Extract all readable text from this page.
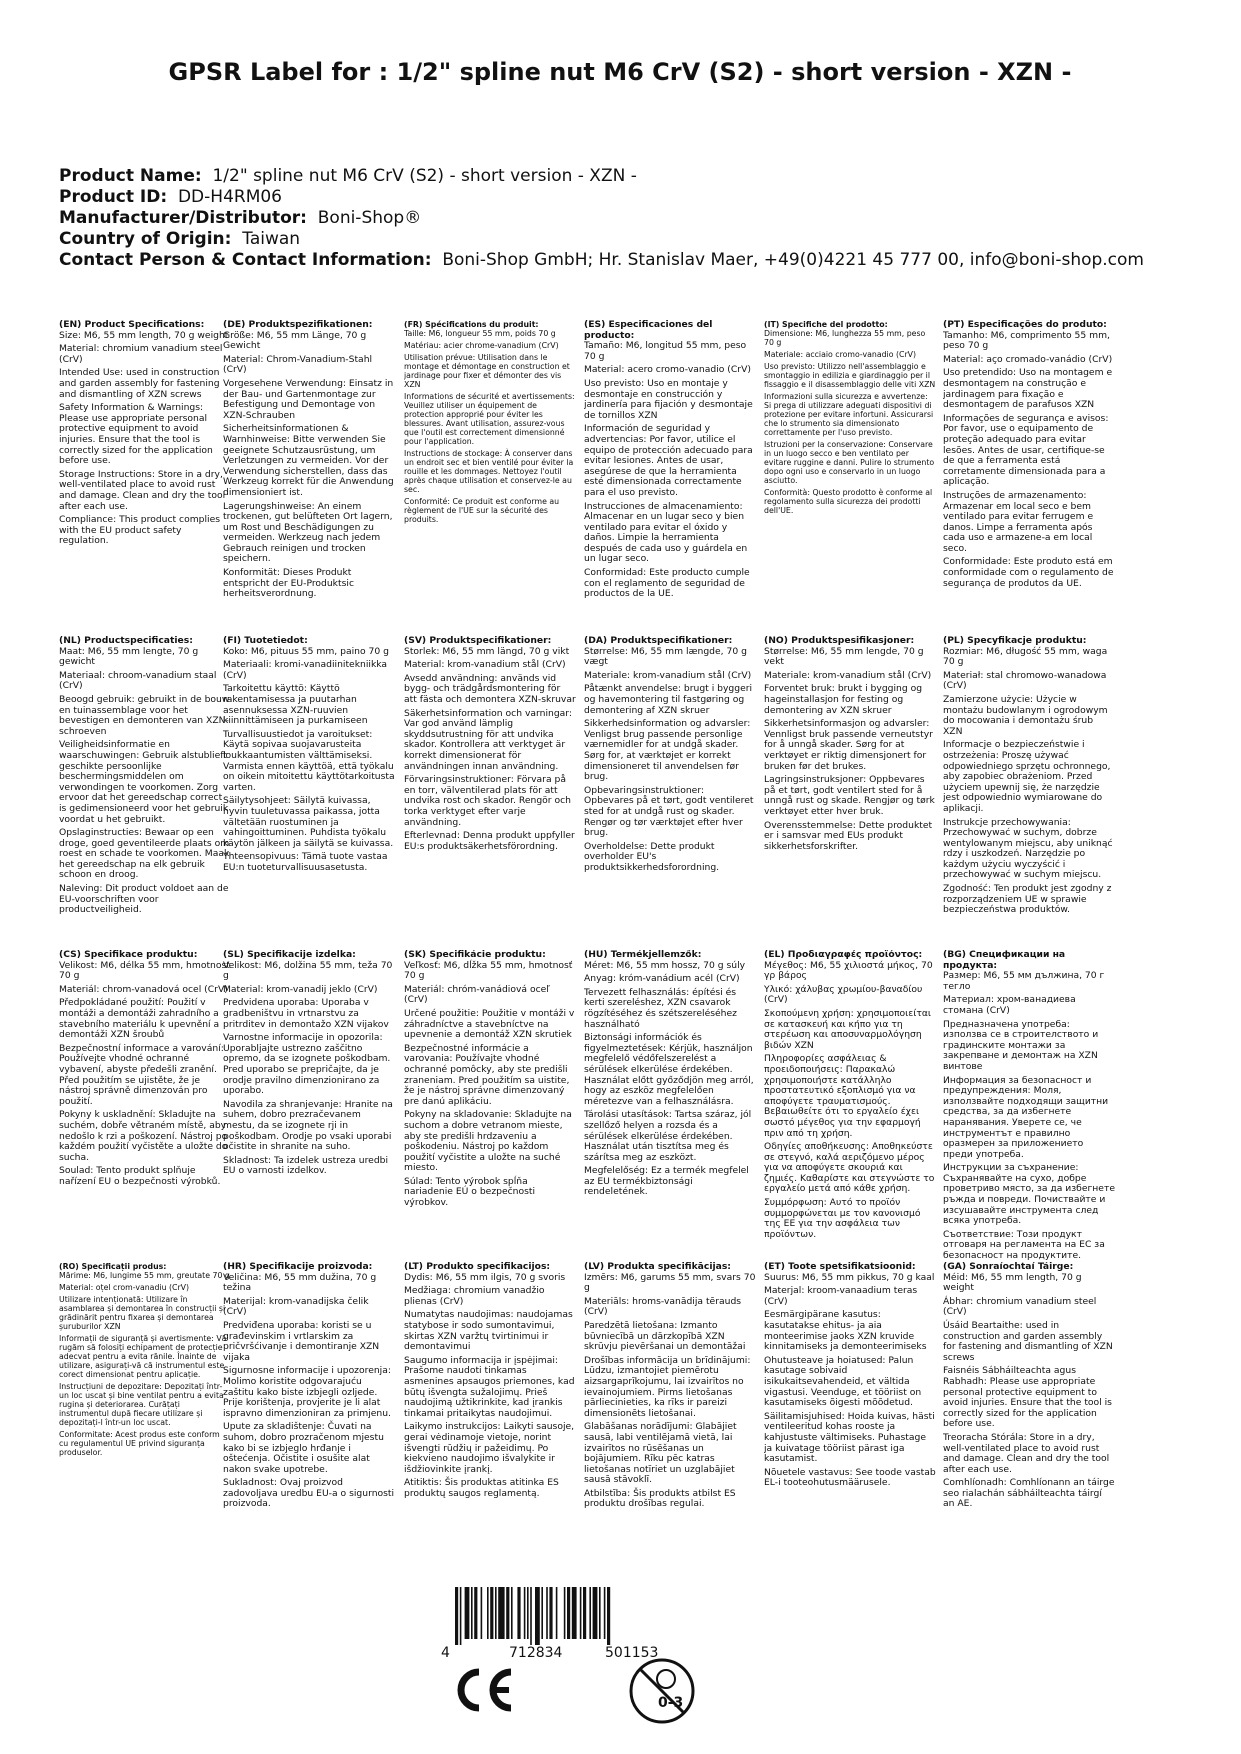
GPSR Label for : 1/2" spline nut M6 CrV (S2) - short version - XZN -
Product Name: 1/2" spline nut M6 CrV (S2) - short version - XZN -
Product ID: DD-H4RM06
Manufacturer/Distributor: Boni-Shop®
Country of Origin: Taiwan
Contact Person & Contact Information: Boni-Shop GmbH; Hr. Stanislav Maer, +49(0)4221 45 777 00, info@boni-shop.com
(EN) Product Specifications:

Size: M6, 55 mm length, 70 g weight

Material: chromium vanadium steel (CrV)

Intended Use: used in construction and garden assembly for fastening and dismantling of XZN screws

Safety Information & Warnings: Please use appropriate personal protective equipment to avoid injuries. Ensure that the tool is correctly sized for the application before use.

Storage Instructions: Store in a dry, well-ventilated place to avoid rust and damage. Clean and dry the tool after each use.

Compliance: This product complies with the EU product safety regulation.

(DE) Produktspezifikationen:

Größe: M6, 55 mm Länge, 70 g Gewicht

Material: Chrom-Vanadium-Stahl (CrV)

Vorgesehene Verwendung: Einsatz in der Bau- und Gartenmontage zur Befestigung und Demontage von XZN-Schrauben

Sicherheitsinformationen & Warnhinweise: Bitte verwenden Sie geeignete Schutzausrüstung, um Verletzungen zu vermeiden. Vor der Verwendung sicherstellen, dass das Werkzeug korrekt für die Anwendung dimensioniert ist.

Lagerungshinweise: An einem trockenen, gut belüfteten Ort lagern, um Rost und Beschädigungen zu vermeiden. Werkzeug nach jedem Gebrauch reinigen und trocken speichern.

Konformität: Dieses Produkt entspricht der EU-Produktsic herheitsverordnung.

(FR) Spécifications du produit:

Taille: M6, longueur 55 mm, poids 70 g

Matériau: acier chrome-vanadium (CrV)

Utilisation prévue: Utilisation dans le montage et démontage en construction et jardinage pour fixer et démonter des vis XZN

Informations de sécurité et avertissements: Veuillez utiliser un équipement de protection approprié pour éviter les blessures. Avant utilisation, assurez-vous que l'outil est correctement dimensionné pour l'application.

Instructions de stockage: À conserver dans un endroit sec et bien ventilé pour éviter la rouille et les dommages. Nettoyez l'outil après chaque utilisation et conservez-le au sec.

Conformité: Ce produit est conforme au règlement de l'UE sur la sécurité des produits.

(ES) Especificaciones del producto:

Tamaño: M6, longitud 55 mm, peso 70 g

Material: acero cromo-vanadio (CrV)

Uso previsto: Uso en montaje y desmontaje en construcción y jardinería para fijación y desmontaje de tornillos XZN

Información de seguridad y advertencias: Por favor, utilice el equipo de protección adecuado para evitar lesiones. Antes de usar, asegúrese de que la herramienta esté dimensionada correctamente para el uso previsto.

Instrucciones de almacenamiento: Almacenar en un lugar seco y bien ventilado para evitar el óxido y daños. Limpie la herramienta después de cada uso y guárdela en un lugar seco.

Conformidad: Este producto cumple con el reglamento de seguridad de productos de la UE.

(IT) Specifiche del prodotto:

Dimensione: M6, lunghezza 55 mm, peso 70 g

Materiale: acciaio cromo-vanadio (CrV)

Uso previsto: Utilizzo nell'assemblaggio e smontaggio in edilizia e giardinaggio per il fissaggio e il disassemblaggio delle viti XZN

Informazioni sulla sicurezza e avvertenze: Si prega di utilizzare adeguati dispositivi di protezione per evitare infortuni. Assicurarsi che lo strumento sia dimensionato correttamente per l'uso previsto.

Istruzioni per la conservazione: Conservare in un luogo secco e ben ventilato per evitare ruggine e danni. Pulire lo strumento dopo ogni uso e conservarlo in un luogo asciutto.

Conformità: Questo prodotto è conforme al regolamento sulla sicurezza dei prodotti dell'UE.

(PT) Especificações do produto:

Tamanho: M6, comprimento 55 mm, peso 70 g

Material: aço cromado-vanádio (CrV)

Uso pretendido: Uso na montagem e desmontagem na construção e jardinagem para fixação e desmontagem de parafusos XZN

Informações de segurança e avisos: Por favor, use o equipamento de proteção adequado para evitar lesões. Antes de usar, certifique-se de que a ferramenta está corretamente dimensionada para a aplicação.

Instruções de armazenamento: Armazenar em local seco e bem ventilado para evitar ferrugem e danos. Limpe a ferramenta após cada uso e armazene-a em local seco.

Conformidade: Este produto está em conformidade com o regulamento de segurança de produtos da UE.

(NL) Productspecificaties:

Maat: M6, 55 mm lengte, 70 g gewicht

Materiaal: chroom-vanadium staal (CrV)

Beoogd gebruik: gebruikt in de bouw en tuinassemblage voor het bevestigen en demonteren van XZN-schroeven

Veiligheidsinformatie en waarschuwingen: Gebruik alstublieft geschikte persoonlijke beschermingsmiddelen om verwondingen te voorkomen. Zorg ervoor dat het gereedschap correct is gedimensioneerd voor het gebruik voordat u het gebruikt.

Opslaginstructies: Bewaar op een droge, goed geventileerde plaats om roest en schade te voorkomen. Maak het gereedschap na elk gebruik schoon en droog.

Naleving: Dit product voldoet aan de EU-voorschriften voor productveiligheid.

(FI) Tuotetiedot:

Koko: M6, pituus 55 mm, paino 70 g

Materiaali: kromi-vanadiinitekniikka (CrV)

Tarkoitettu käyttö: Käyttö rakentamisessa ja puutarhan asennuksessa XZN-ruuvien kiinnittämiseen ja purkamiseen

Turvallisuustiedot ja varoitukset: Käytä sopivaa suojavarusteita loukkaantumisten välttämiseksi. Varmista ennen käyttöä, että työkalu on oikein mitoitettu käyttötarkoitusta varten.

Säilytysohjeet: Säilytä kuivassa, hyvin tuuletuvassa paikassa, jotta vältetään ruostuminen ja vahingoittuminen. Puhdista työkalu käytön jälkeen ja säilytä se kuivassa.

Yhteensopivuus: Tämä tuote vastaa EU:n tuoteturvallisuusasetusta.

(SV) Produktspecifikationer:

Storlek: M6, 55 mm längd, 70 g vikt

Material: krom-vanadium stål (CrV)

Avsedd användning: används vid bygg- och trädgårdsmontering för att fästa och demontera XZN-skruvar

Säkerhetsinformation och varningar: Var god använd lämplig skyddsutrustning för att undvika skador. Kontrollera att verktyget är korrekt dimensionerat för användningen innan användning.

Förvaringsinstruktioner: Förvara på en torr, välventilerad plats för att undvika rost och skador. Rengör och torka verktyget efter varje användning.

Efterlevnad: Denna produkt uppfyller EU:s produktsäkerhetsförordning.

(DA) Produktspecifikationer:

Størrelse: M6, 55 mm længde, 70 g vægt

Materiale: krom-vanadium stål (CrV)

Påtænkt anvendelse: brugt i byggeri og havemontering til fastgøring og demontering af XZN skruer

Sikkerhedsinformation og advarsler: Venligst brug passende personlige værnemidler for at undgå skader. Sørg for, at værktøjet er korrekt dimensioneret til anvendelsen før brug.

Opbevaringsinstruktioner: Opbevares på et tørt, godt ventileret sted for at undgå rust og skader. Rengør og tør værktøjet efter hver brug.

Overholdelse: Dette produkt overholder EU's produktsikkerhedsforordning.

(NO) Produktspesifikasjoner:

Størrelse: M6, 55 mm lengde, 70 g vekt

Materiale: krom-vanadium stål (CrV)

Forventet bruk: brukt i bygging og hageinstallasjon for festing og demontering av XZN skruer

Sikkerhetsinformasjon og advarsler: Vennligst bruk passende verneutstyr for å unngå skader. Sørg for at verktøyet er riktig dimensjonert for bruken før det brukes.

Lagringsinstruksjoner: Oppbevares på et tørt, godt ventilert sted for å unngå rust og skade. Rengjør og tørk verktøyet etter hver bruk.

Overensstemmelse: Dette produktet er i samsvar med EUs produkt sikkerhetsforskrifter.

(PL) Specyfikacje produktu:

Rozmiar: M6, długość 55 mm, waga 70 g

Materiał: stal chromowo-wanadowa (CrV)

Zamierzone użycie: Użycie w montażu budowlanym i ogrodowym do mocowania i demontażu śrub XZN

Informacje o bezpieczeństwie i ostrzeżenia: Proszę używać odpowiedniego sprzętu ochronnego, aby zapobiec obrażeniom. Przed użyciem upewnij się, że narzędzie jest odpowiednio wymiarowane do aplikacji.

Instrukcje przechowywania: Przechowywać w suchym, dobrze wentylowanym miejscu, aby uniknąć rdzy i uszkodzeń. Narzędzie po każdym użyciu wyczyścić i przechowywać w suchym miejscu.

Zgodność: Ten produkt jest zgodny z rozporządzeniem UE w sprawie bezpieczeństwa produktów.

(CS) Specifikace produktu:

Velikost: M6, délka 55 mm, hmotnost 70 g

Materiál: chrom-vanadová ocel (CrV)

Předpokládané použití: Použití v montáži a demontáži zahradního a stavebního materiálu k upevnění a demontáži XZN šroubů

Bezpečnostní informace a varování: Používejte vhodné ochranné vybavení, abyste předešli zranění. Před použitím se ujistěte, že je nástroj správně dimenzován pro použití.

Pokyny k uskladnění: Skladujte na suchém, dobře větraném místě, aby nedošlo k rzi a poškození. Nástroj po každém použití vyčistěte a uložte do sucha.

Soulad: Tento produkt splňuje nařízení EU o bezpečnosti výrobků.

(SL) Specifikacije izdelka:

Velikost: M6, dolžina 55 mm, teža 70 g

Material: krom-vanadij jeklo (CrV)

Predvidena uporaba: Uporaba v gradbeništvu in vrtnarstvu za pritrditev in demontažo XZN vijakov

Varnostne informacije in opozorila: Uporabljajte ustrezno zaščitno opremo, da se izognete poškodbam. Pred uporabo se prepričajte, da je orodje pravilno dimenzionirano za uporabo.

Navodila za shranjevanje: Hranite na suhem, dobro prezračevanem mestu, da se izognete rji in poškodbam. Orodje po vsaki uporabi očistite in shranite na suho.

Skladnost: Ta izdelek ustreza uredbi EU o varnosti izdelkov.

(SK) Špecifikácie produktu:

Veľkosť: M6, dĺžka 55 mm, hmotnosť 70 g

Materiál: chróm-vanádiová oceľ (CrV)

Určené použitie: Použitie v montáži v záhradníctve a stavebníctve na upevnenie a demontáž XZN skrutiek

Bezpečnostné informácie a varovania: Používajte vhodné ochranné pomôcky, aby ste predišli zraneniam. Pred použitím sa uistite, že je nástroj správne dimenzovaný pre danú aplikáciu.

Pokyny na skladovanie: Skladujte na suchom a dobre vetranom mieste, aby ste predišli hrdzaveniu a poškodeniu. Nástroj po každom použití vyčistite a uložte na suché miesto.

Súlad: Tento výrobok spĺňa nariadenie EÚ o bezpečnosti výrobkov.

(HU) Termékjellemzők:

Méret: M6, 55 mm hossz, 70 g súly

Anyag: króm-vanádium acél (CrV)

Tervezett felhasználás: építési és kerti szereléshez, XZN csavarok rögzítéséhez és szétszereléséhez használható

Biztonsági információk és figyelmeztetések: Kérjük, használjon megfelelő védőfelszerelést a sérülések elkerülése érdekében. Használat előtt győződjön meg arról, hogy az eszköz megfelelően méretezve van a felhasználásra.

Tárolási utasítások: Tartsa száraz, jól szellőző helyen a rozsda és a sérülések elkerülése érdekében. Használat után tisztítsa meg és szárítsa meg az eszközt.

Megfelelőség: Ez a termék megfelel az EU termékbiztonsági rendeletének.

(EL) Προδιαγραφές προϊόντος:

Μέγεθος: M6, 55 χιλιοστά μήκος, 70 γρ βάρος

Υλικό: χάλυβας χρωμίου-βαναδίου (CrV)

Σκοπούμενη χρήση: χρησιμοποιείται σε κατασκευή και κήπο για τη στερέωση και αποσυναρμολόγηση βιδών XZN

Πληροφορίες ασφάλειας & προειδοποιήσεις: Παρακαλώ χρησιμοποιήστε κατάλληλο προστατευτικό εξοπλισμό για να αποφύγετε τραυματισμούς. Βεβαιωθείτε ότι το εργαλείο έχει σωστό μέγεθος για την εφαρμογή πριν από τη χρήση.

Οδηγίες αποθήκευσης: Αποθηκεύστε σε στεγνό, καλά αεριζόμενο μέρος για να αποφύγετε σκουριά και ζημιές. Καθαρίστε και στεγνώστε το εργαλείο μετά από κάθε χρήση.

Συμμόρφωση: Αυτό το προϊόν συμμορφώνεται με τον κανονισμό της ΕΕ για την ασφάλεια των προϊόντων.

(BG) Спецификации на продукта:

Размер: M6, 55 мм дължина, 70 г тегло

Материал: хром-ванадиева стомана (CrV)

Предназначена употреба: използва се в строителството и градинските монтажи за закрепване и демонтаж на XZN винтове

Информация за безопасност и предупреждения: Моля, използвайте подходящи защитни средства, за да избегнете наранявания. Уверете се, че инструментът е правилно оразмерен за приложението преди употреба.

Инструкции за съхранение: Съхранявайте на сухо, добре проветриво място, за да избегнете ръжда и повреди. Почиствайте и изсушавайте инструмента след всяка употреба.

Съответствие: Този продукт отговаря на регламента на ЕС за безопасност на продуктите.

(RO) Specificații produs:

Mărime: M6, lungime 55 mm, greutate 70 g

Material: oțel crom-vanadiu (CrV)

Utilizare intenționată: Utilizare în asamblarea și demontarea în construcții și grădinărit pentru fixarea și demontarea șuruburilor XZN

Informații de siguranță și avertismente: Vă rugăm să folosiți echipament de protecție adecvat pentru a evita rănile. Înainte de utilizare, asigurați-vă că instrumentul este corect dimensionat pentru aplicație.

Instrucțiuni de depozitare: Depozitați într-un loc uscat și bine ventilat pentru a evita rugina și deteriorarea. Curățați instrumentul după fiecare utilizare și depozitați-l într-un loc uscat.

Conformitate: Acest produs este conform cu regulamentul UE privind siguranța produselor.

(HR) Specifikacije proizvoda:

Veličina: M6, 55 mm dužina, 70 g težina

Materijal: krom-vanadijska čelik (CrV)

Predviđena uporaba: koristi se u građevinskim i vrtlarskim za pričvršćivanje i demontiranje XZN vijaka

Sigurnosne informacije i upozorenja: Molimo koristite odgovarajuću zaštitu kako biste izbjegli ozljede. Prije korištenja, provjerite je li alat ispravno dimenzioniran za primjenu.

Upute za skladištenje: Čuvati na suhom, dobro prozračenom mjestu kako bi se izbjeglo hrđanje i oštećenja. Očistite i osušite alat nakon svake upotrebe.

Sukladnost: Ovaj proizvod zadovoljava uredbu EU-a o sigurnosti proizvoda.

(LT) Produkto specifikacijos:

Dydis: M6, 55 mm ilgis, 70 g svoris

Medžiaga: chromium vanadžio plienas (CrV)

Numatytas naudojimas: naudojamas statybose ir sodo sumontavimui, skirtas XZN varžtų tvirtinimui ir demontavimui

Saugumo informacija ir įspėjimai: Prašome naudoti tinkamas asmenines apsaugos priemones, kad būtų išvengta sužalojimų. Prieš naudojimą užtikrinkite, kad įrankis tinkamai pritaikytas naudojimui.

Laikymo instrukcijos: Laikyti sausoje, gerai vėdinamoje vietoje, norint išvengti rūdžių ir pažeidimų. Po kiekvieno naudojimo išvalykite ir išdžiovinkite įrankį.

Atitiktis: Šis produktas atitinka ES produktų saugos reglamentą.

(LV) Produkta specifikācijas:

Izmērs: M6, garums 55 mm, svars 70 g

Materiāls: hroms-vanādija tērauds (CrV)

Paredzētā lietošana: Izmanto būvniecībā un dārzkopībā XZN skrūvju pievēršanai un demontāžai

Drošības informācija un brīdinājumi: Lūdzu, izmantojiet piemērotu aizsargaprīkojumu, lai izvairītos no ievainojumiem. Pirms lietošanas pārliecinieties, ka rīks ir pareizi dimensionēts lietošanai.

Glabāšanas norādījumi: Glabājiet sausā, labi ventilējamā vietā, lai izvairītos no rūsēšanas un bojājumiem. Rīku pēc katras lietošanas notīriet un uzglabājiet sausā stāvoklī.

Atbilstība: Šis produkts atbilst ES produktu drošības regulai.

(ET) Toote spetsifikatsioonid:

Suurus: M6, 55 mm pikkus, 70 g kaal

Materjal: kroom-vanaadium teras (CrV)

Eesmärgipärane kasutus: kasutatakse ehitus- ja aia monteerimise jaoks XZN kruvide kinnitamiseks ja demonteerimiseks

Ohutusteave ja hoiatused: Palun kasutage sobivaid isikukaitsevahendeid, et vältida vigastusi. Veenduge, et tööriist on kasutamiseks õigesti mõõdetud.

Säilitamisjuhised: Hoida kuivas, hästi ventileeritud kohas rooste ja kahjustuste vältimiseks. Puhastage ja kuivatage tööriist pärast iga kasutamist.

Nõuetele vastavus: See toode vastab EL-i tooteohutusmäärusele.

(GA) Sonraíochtaí Táirge:

Méid: M6, 55 mm length, 70 g weight

Ábhar: chromium vanadium steel (CrV)

Úsáid Beartaithe: used in construction and garden assembly for fastening and dismantling of XZN screws

Faisnéis Sábháilteachta agus Rabhadh: Please use appropriate personal protective equipment to avoid injuries. Ensure that the tool is correctly sized for the application before use.

Treoracha Stórála: Store in a dry, well-ventilated place to avoid rust and damage. Clean and dry the tool after each use.

Comhlíonadh: Comhlíonann an táirge seo rialachán sábháilteachta táirgí an AE.

4	712834	501153
0-3
